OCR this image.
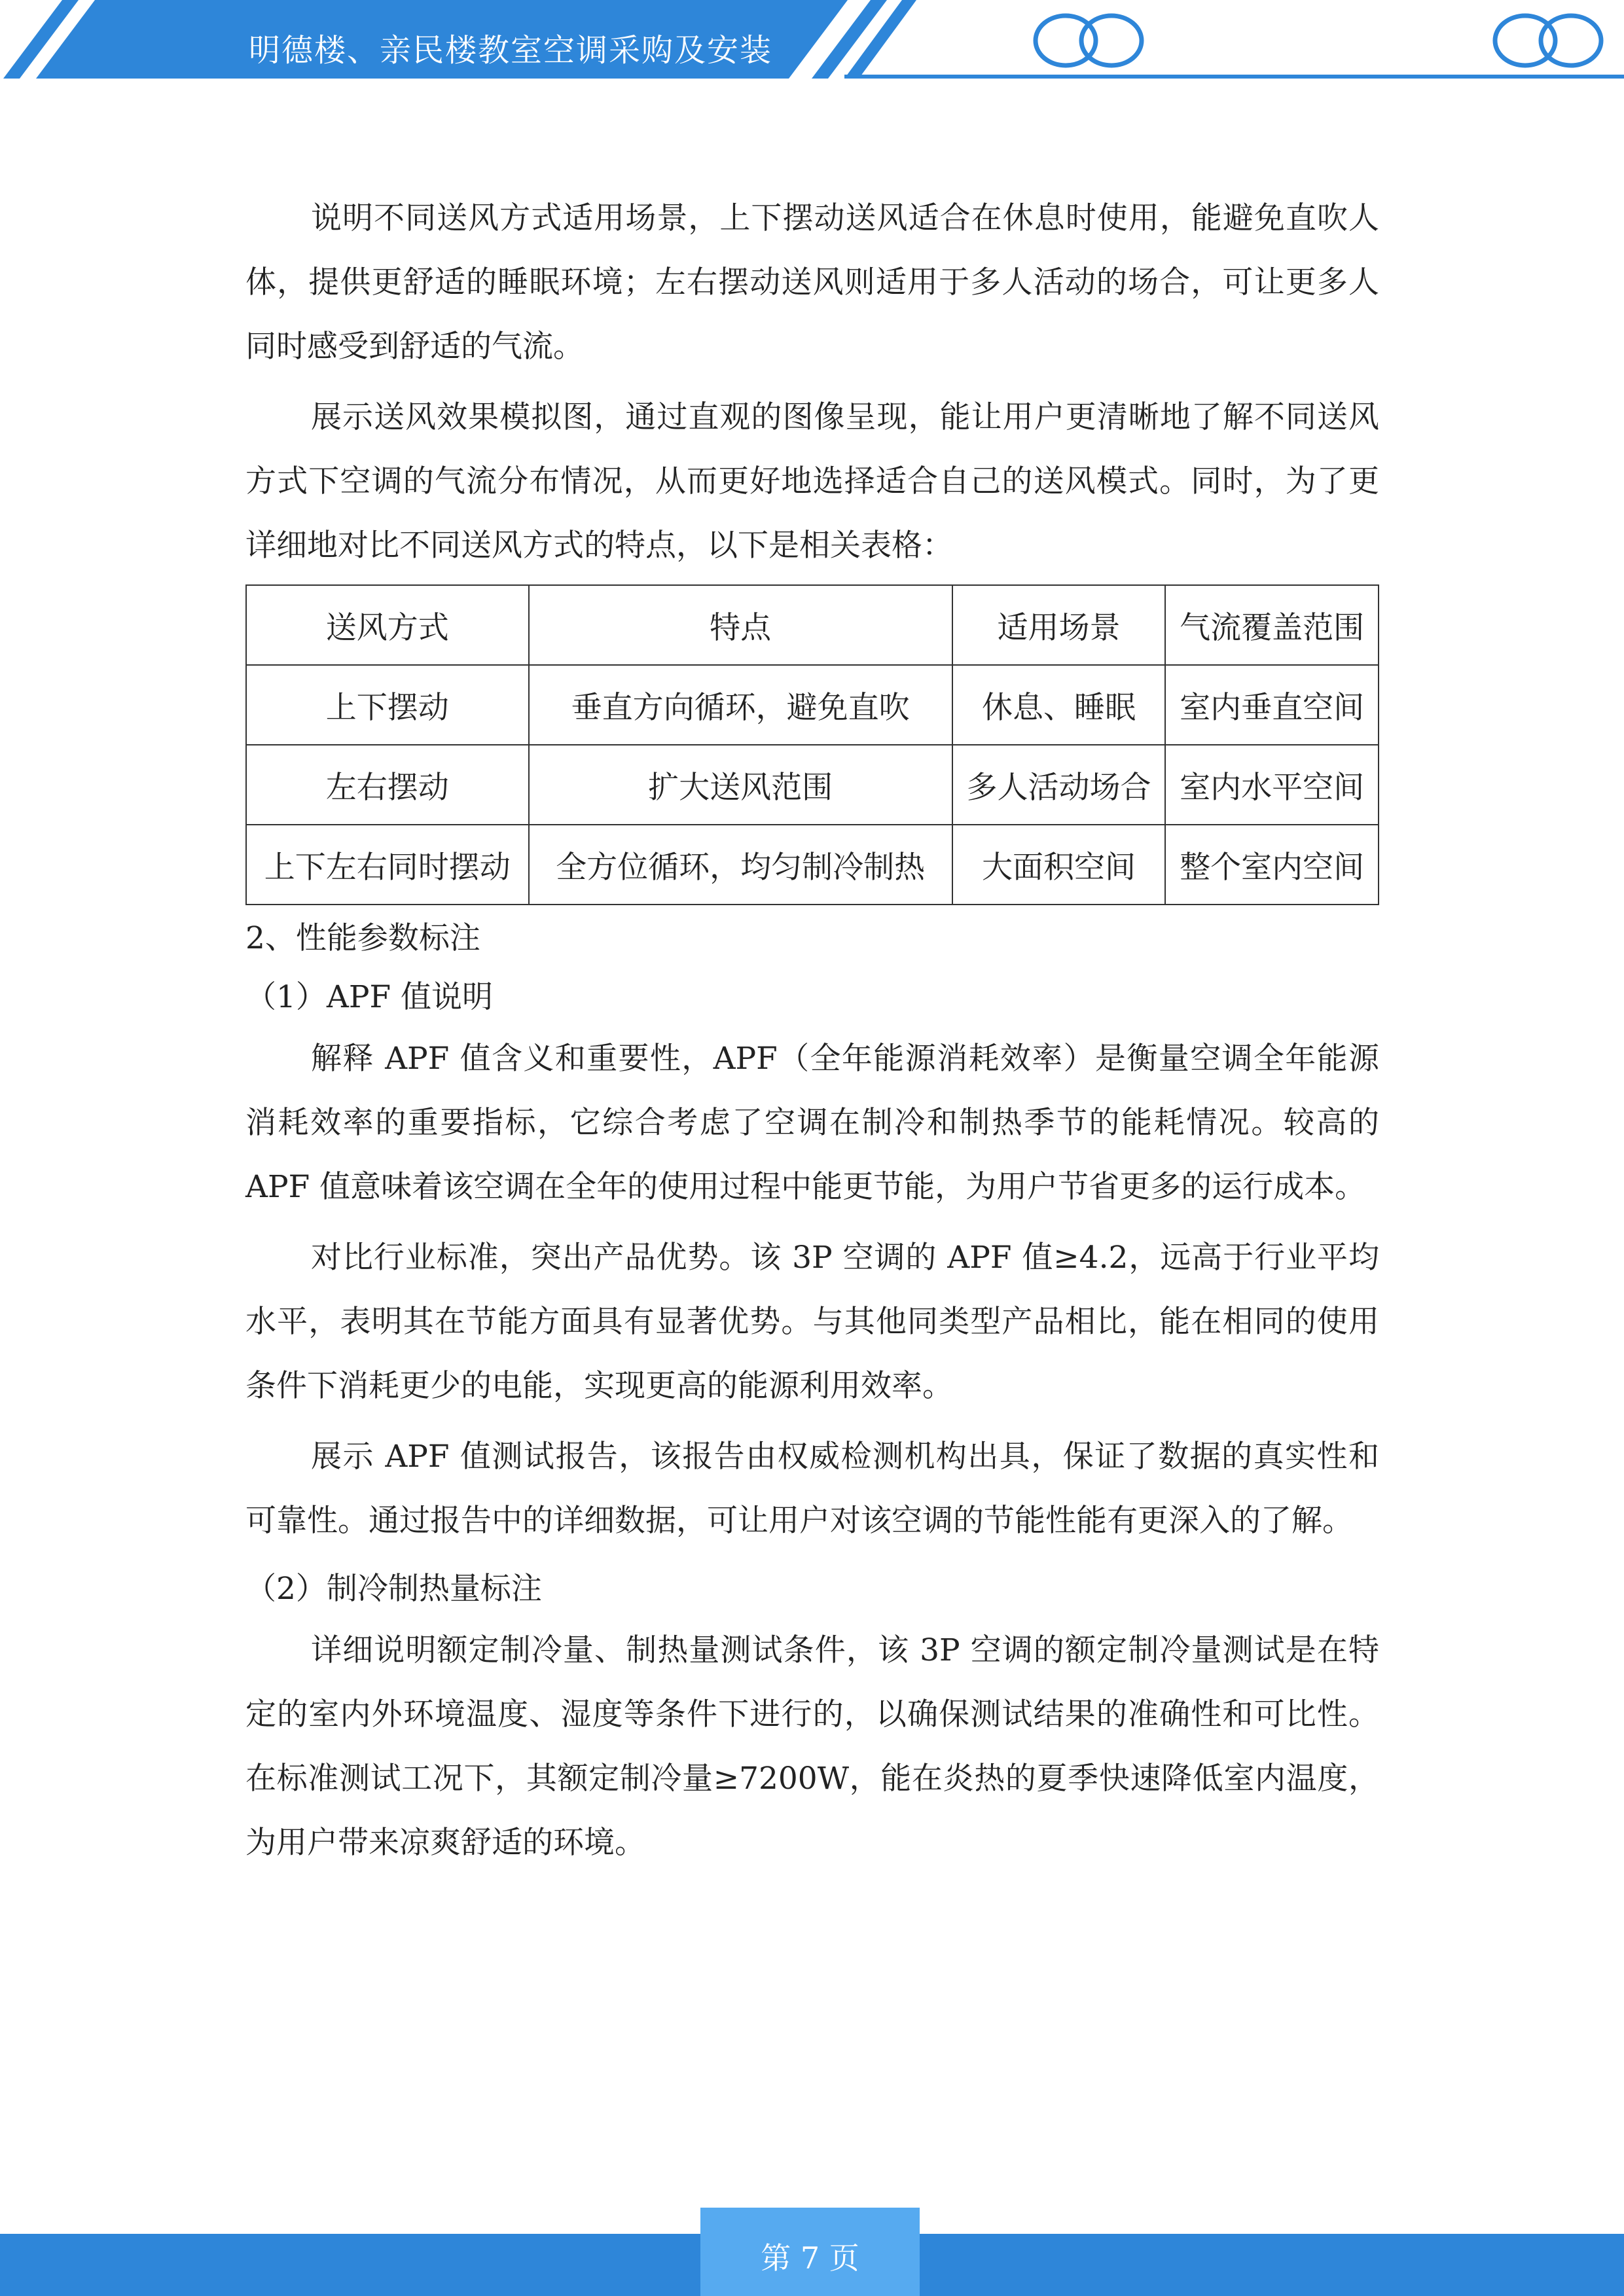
明德楼、亲民楼教室空调采购及安装

说明不同送风方式适用场景，上下摆动送风适合在休息时使用，能避免直吹人体，提供更舒适的睡眠环境；左右摆动送风则适用于多人活动的场合，可让更多人同时感受到舒适的气流。

展示送风效果模拟图，通过直观的图像呈现，能让用户更清晰地了解不同送风方式下空调的气流分布情况，从而更好地选择适合自己的送风模式。同时，为了更详细地对比不同送风方式的特点，以下是相关表格：

送风方式	特点	适用场景	气流覆盖范围
上下摆动	垂直方向循环，避免直吹	休息、睡眠	室内垂直空间
左右摆动	扩大送风范围	多人活动场合	室内水平空间
上下左右同时摆动	全方位循环，均匀制冷制热	大面积空间	整个室内空间

2、性能参数标注

（1）APF 值说明

解释 APF 值含义和重要性，APF（全年能源消耗效率）是衡量空调全年能源消耗效率的重要指标，它综合考虑了空调在制冷和制热季节的能耗情况。较高的 APF 值意味着该空调在全年的使用过程中能更节能，为用户节省更多的运行成本。

对比行业标准，突出产品优势。该 3P 空调的 APF 值≥4.2，远高于行业平均水平，表明其在节能方面具有显著优势。与其他同类型产品相比，能在相同的使用条件下消耗更少的电能，实现更高的能源利用效率。

展示 APF 值测试报告，该报告由权威检测机构出具，保证了数据的真实性和可靠性。通过报告中的详细数据，可让用户对该空调的节能性能有更深入的了解。

（2）制冷制热量标注

详细说明额定制冷量、制热量测试条件，该 3P 空调的额定制冷量测试是在特定的室内外环境温度、湿度等条件下进行的，以确保测试结果的准确性和可比性。在标准测试工况下，其额定制冷量≥7200W，能在炎热的夏季快速降低室内温度，为用户带来凉爽舒适的环境。

第 7 页
